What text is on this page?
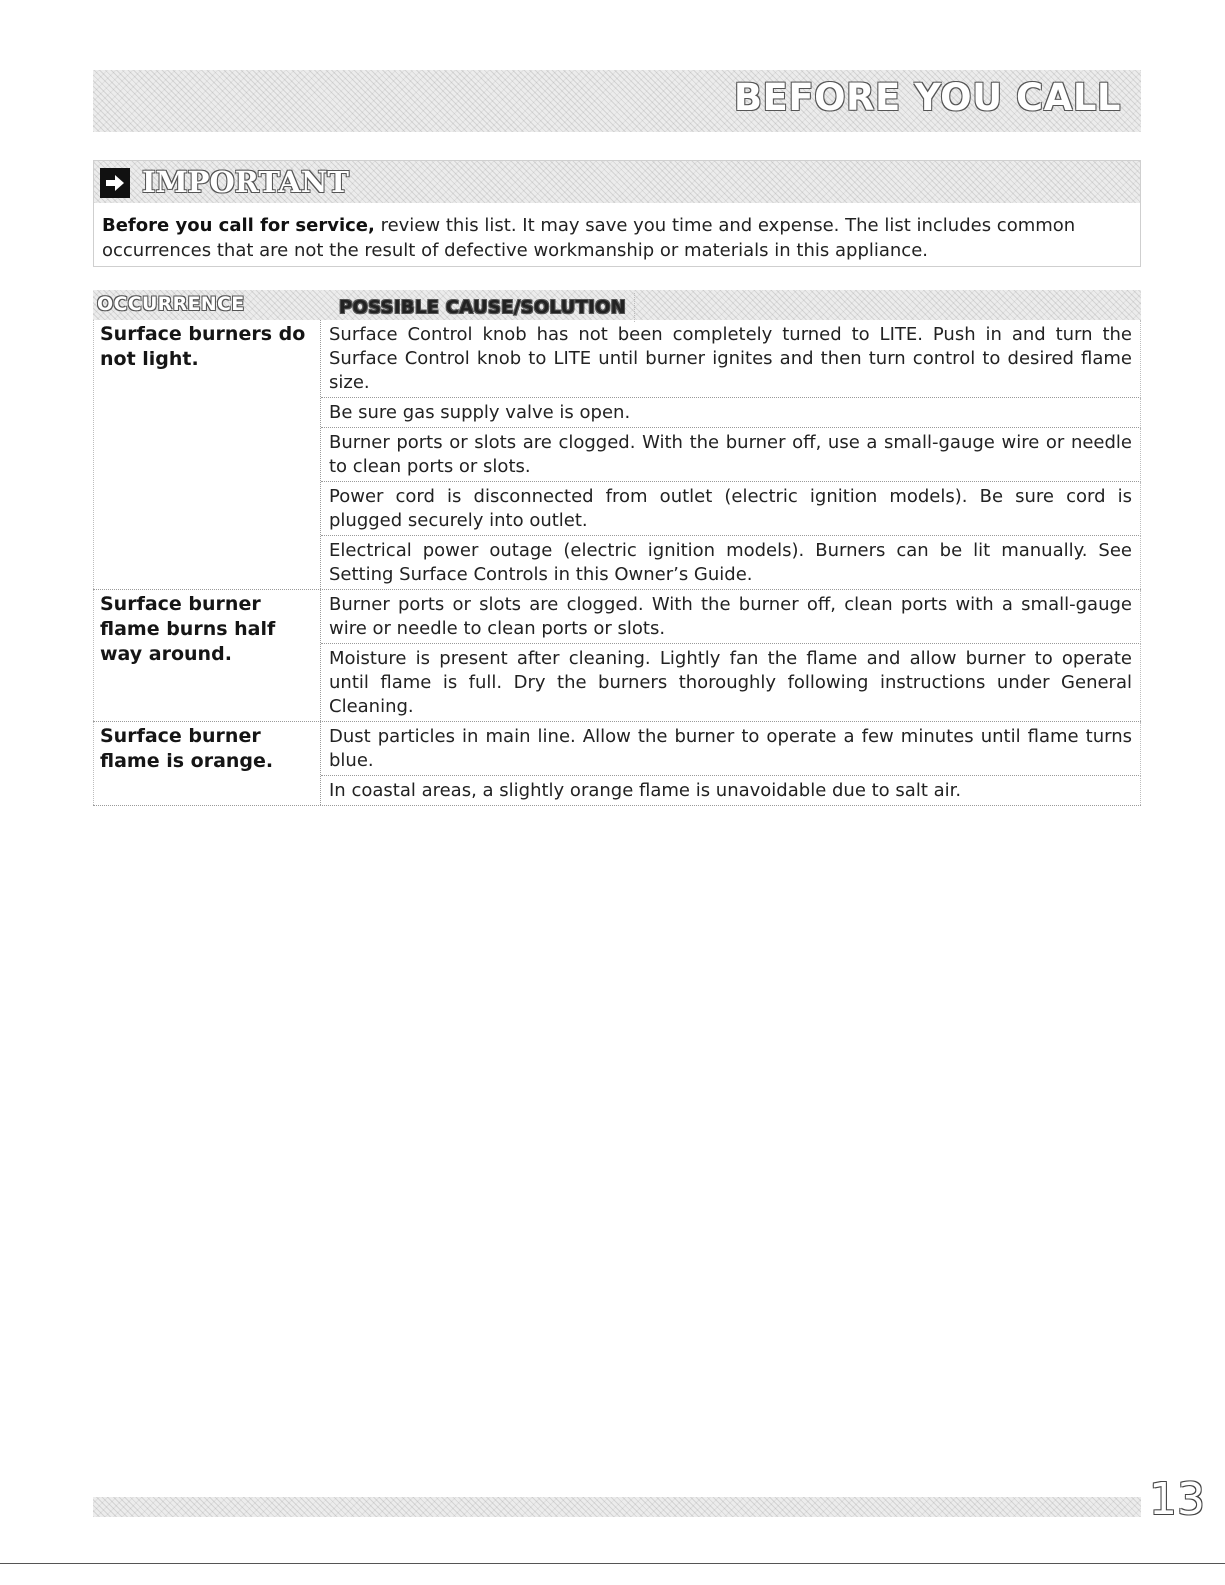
BEFORE YOU CALL
IMPORTANT
Before you call for service, review this list. It may save you time and expense. The list includes common occurrences that are not the result of defective workmanship or materials in this appliance.
OCCURRENCE	POSSIBLE CAUSE/SOLUTION
Surface burners do not light.
Surface Control knob has not been completely turned to LITE. Push in and turn the Surface Control knob to LITE until burner ignites and then turn control to desired flame size.
Be sure gas supply valve is open.
Burner ports or slots are clogged. With the burner off, use a small-gauge wire or needle to clean ports or slots.
Power cord is disconnected from outlet (electric ignition models). Be sure cord is plugged securely into outlet.
Electrical power outage (electric ignition models). Burners can be lit manually. See Setting Surface Controls in this Owner’s Guide.
Surface burner flame burns half way around.
Burner ports or slots are clogged. With the burner off, clean ports with a small-gauge wire or needle to clean ports or slots.
Moisture is present after cleaning. Lightly fan the flame and allow burner to operate until flame is full. Dry the burners thoroughly following instructions under General Cleaning.
Surface burner flame is orange.
Dust particles in main line. Allow the burner to operate a few minutes until flame turns blue.
In coastal areas, a slightly orange flame is unavoidable due to salt air.
13
